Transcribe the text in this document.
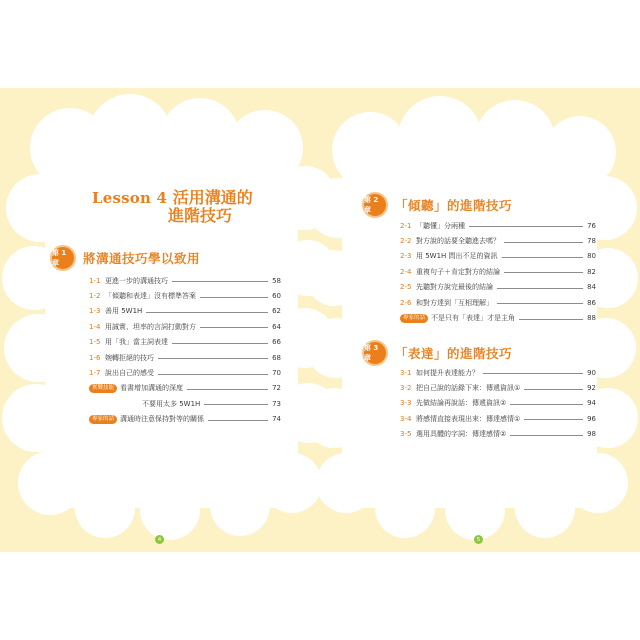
Lesson 4 活用溝通的
進階技巧
第 1 章	將溝通技巧學以致用
1-1 更進一步的溝通技巧	58
1-2 「傾聽和表達」沒有標準答案	60
1-3 善用 5W1H	62
1-4 用誠實、坦率的言詞打動對方	64
1-5 用「我」當主詞表達	66
1-6 婉轉拒絕的技巧	68
1-7 說出自己的感受	70
實戰技能 看書增加溝通的深度	72
不要用太多 5W1H	73
專家的話 溝通時注意保持對等的關係	74
4
第 2 章	「傾聽」的進階技巧
2-1 「聽懂」分兩種	76
2-2 對方說的話要全聽進去嗎？	78
2-3 用 5W1H 問出不足的資訊	80
2-4 重複句子＋肯定對方的結論	82
2-5 先聽對方說完最後的結論	84
2-6 和對方達到「互相理解」	86
專家的話 不是只有「表達」才是主角	88
第 3 章	「表達」的進階技巧
3-1 如何提升表達能力？	90
3-2 把自己說的話錄下來：傳遞資訊①	92
3-3 先做結論再說話：傳遞資訊②	94
3-4 將感情直接表現出來：傳達感情①	96
3-5 選用具體的字詞：傳達感情②	98
5
